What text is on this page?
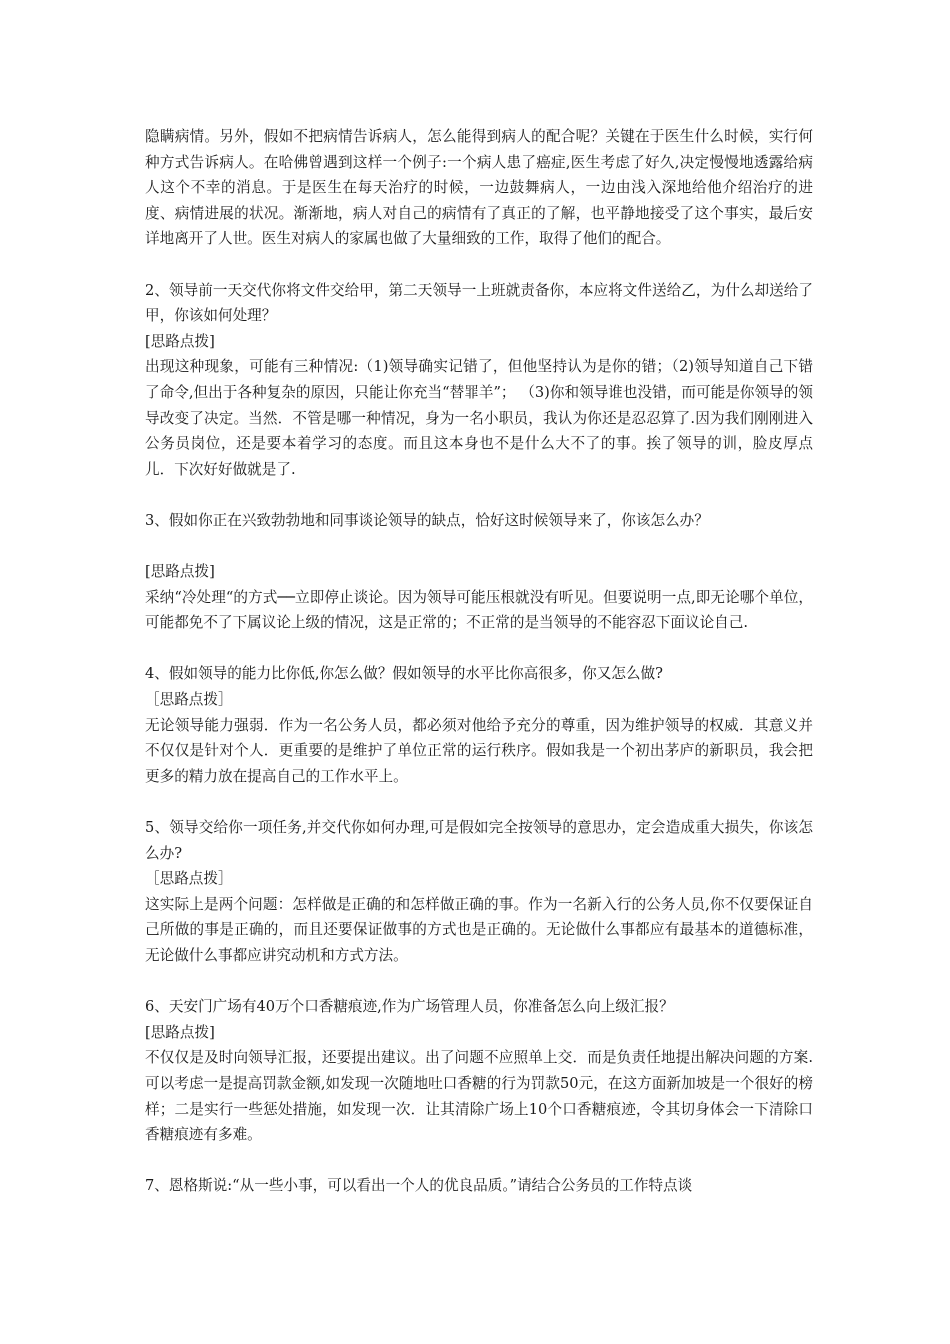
隐瞒病情。另外，假如不把病情告诉病人，怎么能得到病人的配合呢？关键在于医生什么时候，实行何种方式告诉病人。在哈佛曾遇到这样一个例子:一个病人患了癌症,医生考虑了好久,决定慢慢地透露给病人这个不幸的消息。于是医生在每天治疗的时候，一边鼓舞病人，一边由浅入深地给他介绍治疗的进度、病情进展的状况。渐渐地，病人对自己的病情有了真正的了解，也平静地接受了这个事实，最后安详地离开了人世。医生对病人的家属也做了大量细致的工作，取得了他们的配合。

2、领导前一天交代你将文件交给甲，第二天领导一上班就责备你，本应将文件送给乙，为什么却送给了甲，你该如何处理？

[思路点拨]

出现这种现象，可能有三种情况:（1)领导确实记错了，但他坚持认为是你的错；（2)领导知道自己下错了命令,但出于各种复杂的原因，只能让你充当“替罪羊”； （3)你和领导谁也没错，而可能是你领导的领导改变了决定。当然．不管是哪一种情况，身为一名小职员，我认为你还是忍忍算了.因为我们刚刚进入公务员岗位，还是要本着学习的态度。而且这本身也不是什么大不了的事。挨了领导的训，脸皮厚点儿．下次好好做就是了.

3、假如你正在兴致勃勃地和同事谈论领导的缺点，恰好这时候领导来了，你该怎么办？

[思路点拨]

采纳“冷处理“的方式──立即停止谈论。因为领导可能压根就没有听见。但要说明一点,即无论哪个单位，可能都免不了下属议论上级的情况，这是正常的；不正常的是当领导的不能容忍下面议论自己.

4、假如领导的能力比你低,你怎么做？假如领导的水平比你高很多，你又怎么做?

［思路点拨］

无论领导能力强弱．作为一名公务人员，都必须对他给予充分的尊重，因为维护领导的权威．其意义并不仅仅是针对个人．更重要的是维护了单位正常的运行秩序。假如我是一个初出茅庐的新职员，我会把更多的精力放在提高自己的工作水平上。

5、领导交给你一项任务,并交代你如何办理,可是假如完全按领导的意思办，定会造成重大损失，你该怎么办?

［思路点拨］

这实际上是两个问题：怎样做是正确的和怎样做正确的事。作为一名新入行的公务人员,你不仅要保证自己所做的事是正确的，而且还要保证做事的方式也是正确的。无论做什么事都应有最基本的道德标准，无论做什么事都应讲究动机和方式方法。

6、天安门广场有40万个口香糖痕迹,作为广场管理人员，你准备怎么向上级汇报？

[思路点拨]

不仅仅是及时向领导汇报，还要提出建议。出了问题不应照单上交．而是负责任地提出解决问题的方案.可以考虑一是提高罚款金额,如发现一次随地吐口香糖的行为罚款50元，在这方面新加坡是一个很好的榜样；二是实行一些惩处措施，如发现一次．让其清除广场上10个口香糖痕迹，令其切身体会一下清除口香糖痕迹有多难。

7、恩格斯说:“从一些小事，可以看出一个人的优良品质。”请结合公务员的工作特点谈
